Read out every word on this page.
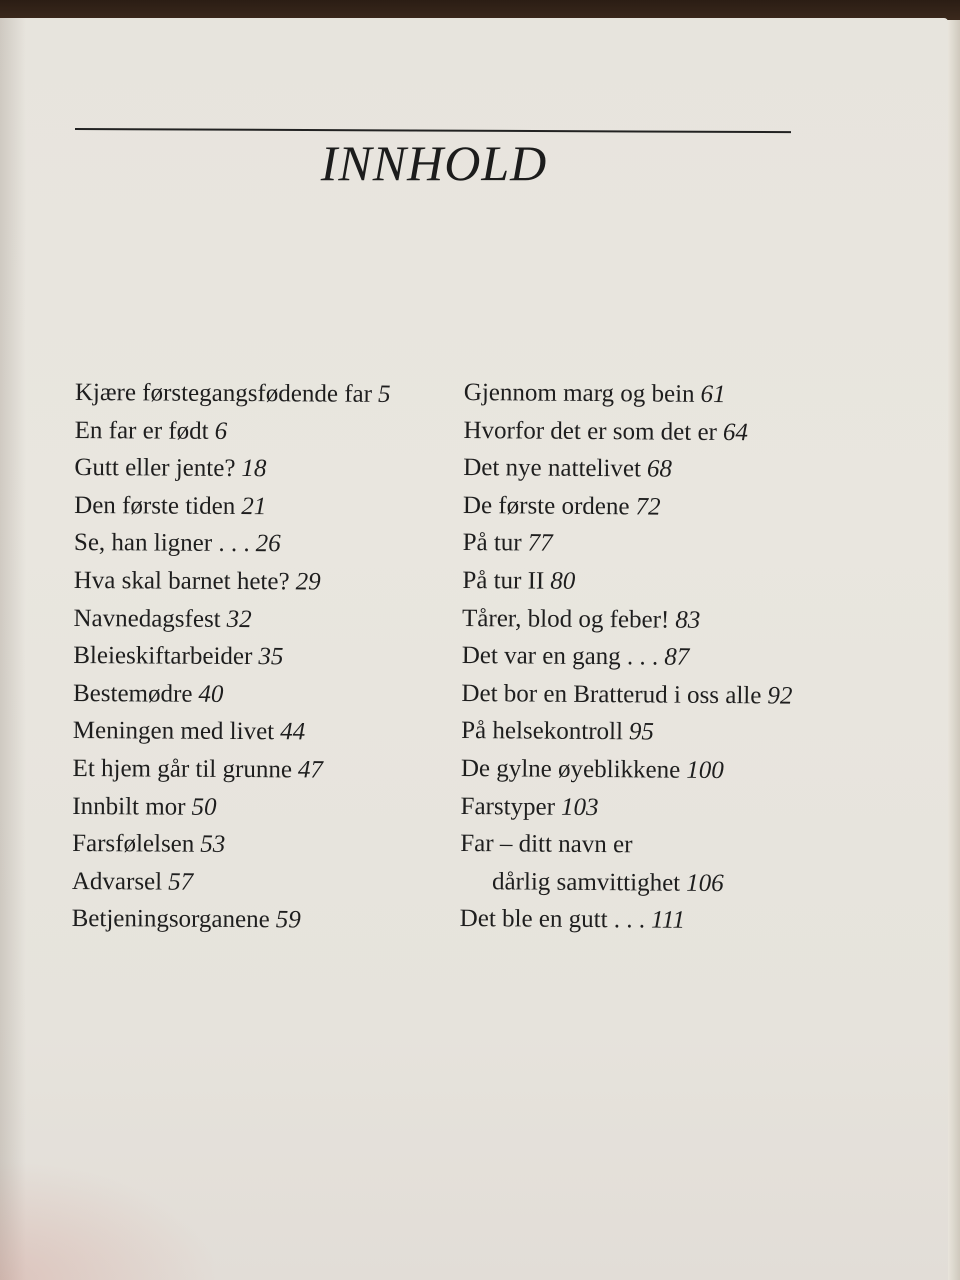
INNHOLD
Kjære førstegangsfødende far 5
En far er født 6
Gutt eller jente? 18
Den første tiden 21
Se, han ligner . . . 26
Hva skal barnet hete? 29
Navnedagsfest 32
Bleieskiftarbeider 35
Bestemødre 40
Meningen med livet 44
Et hjem går til grunne 47
Innbilt mor 50
Farsfølelsen 53
Advarsel 57
Betjeningsorganene 59
Gjennom marg og bein 61
Hvorfor det er som det er 64
Det nye nattelivet 68
De første ordene 72
På tur 77
På tur II 80
Tårer, blod og feber! 83
Det var en gang . . . 87
Det bor en Bratterud i oss alle 92
På helsekontroll 95
De gylne øyeblikkene 100
Farstyper 103
Far – ditt navn er
dårlig samvittighet 106
Det ble en gutt . . . 111
